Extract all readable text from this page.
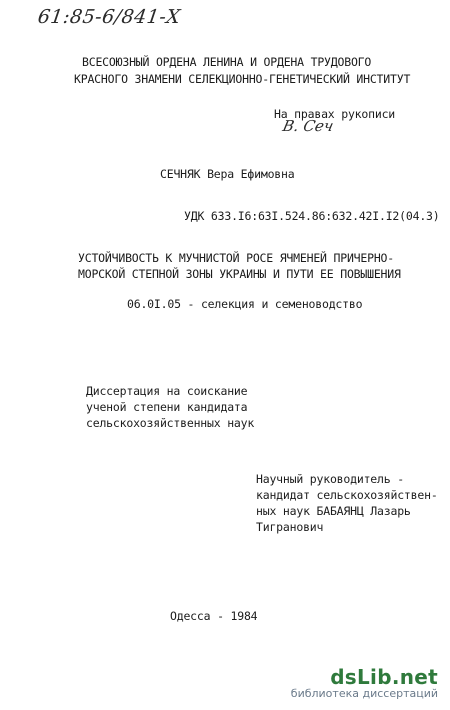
61:85-6/841-Х
ВСЕСОЮЗНЫЙ ОРДЕНА ЛЕНИНА И ОРДЕНА ТРУДОВОГО
КРАСНОГО ЗНАМЕНИ СЕЛЕКЦИОННО-ГЕНЕТИЧЕСКИЙ ИНСТИТУТ
На правах рукописи
В. Сеч
СЕЧНЯК Вера Ефимовна
УДК 633.I6:63I.524.86:632.42I.I2(04.3)
УСТОЙЧИВОСТЬ К МУЧНИСТОЙ РОСЕ ЯЧМЕНЕЙ ПРИЧЕРНО-
МОРСКОЙ СТЕПНОЙ ЗОНЫ УКРАИНЫ И ПУТИ ЕЕ ПОВЫШЕНИЯ
06.0I.05 - селекция и семеноводство
Диссертация на соискание
ученой степени кандидата
сельскохозяйственных наук
Научный руководитель -
кандидат сельскохозяйствен-
ных наук БАБАЯНЦ Лазарь
Тигранович
Одесса - 1984
dsLib.net
библиотека диссертаций
